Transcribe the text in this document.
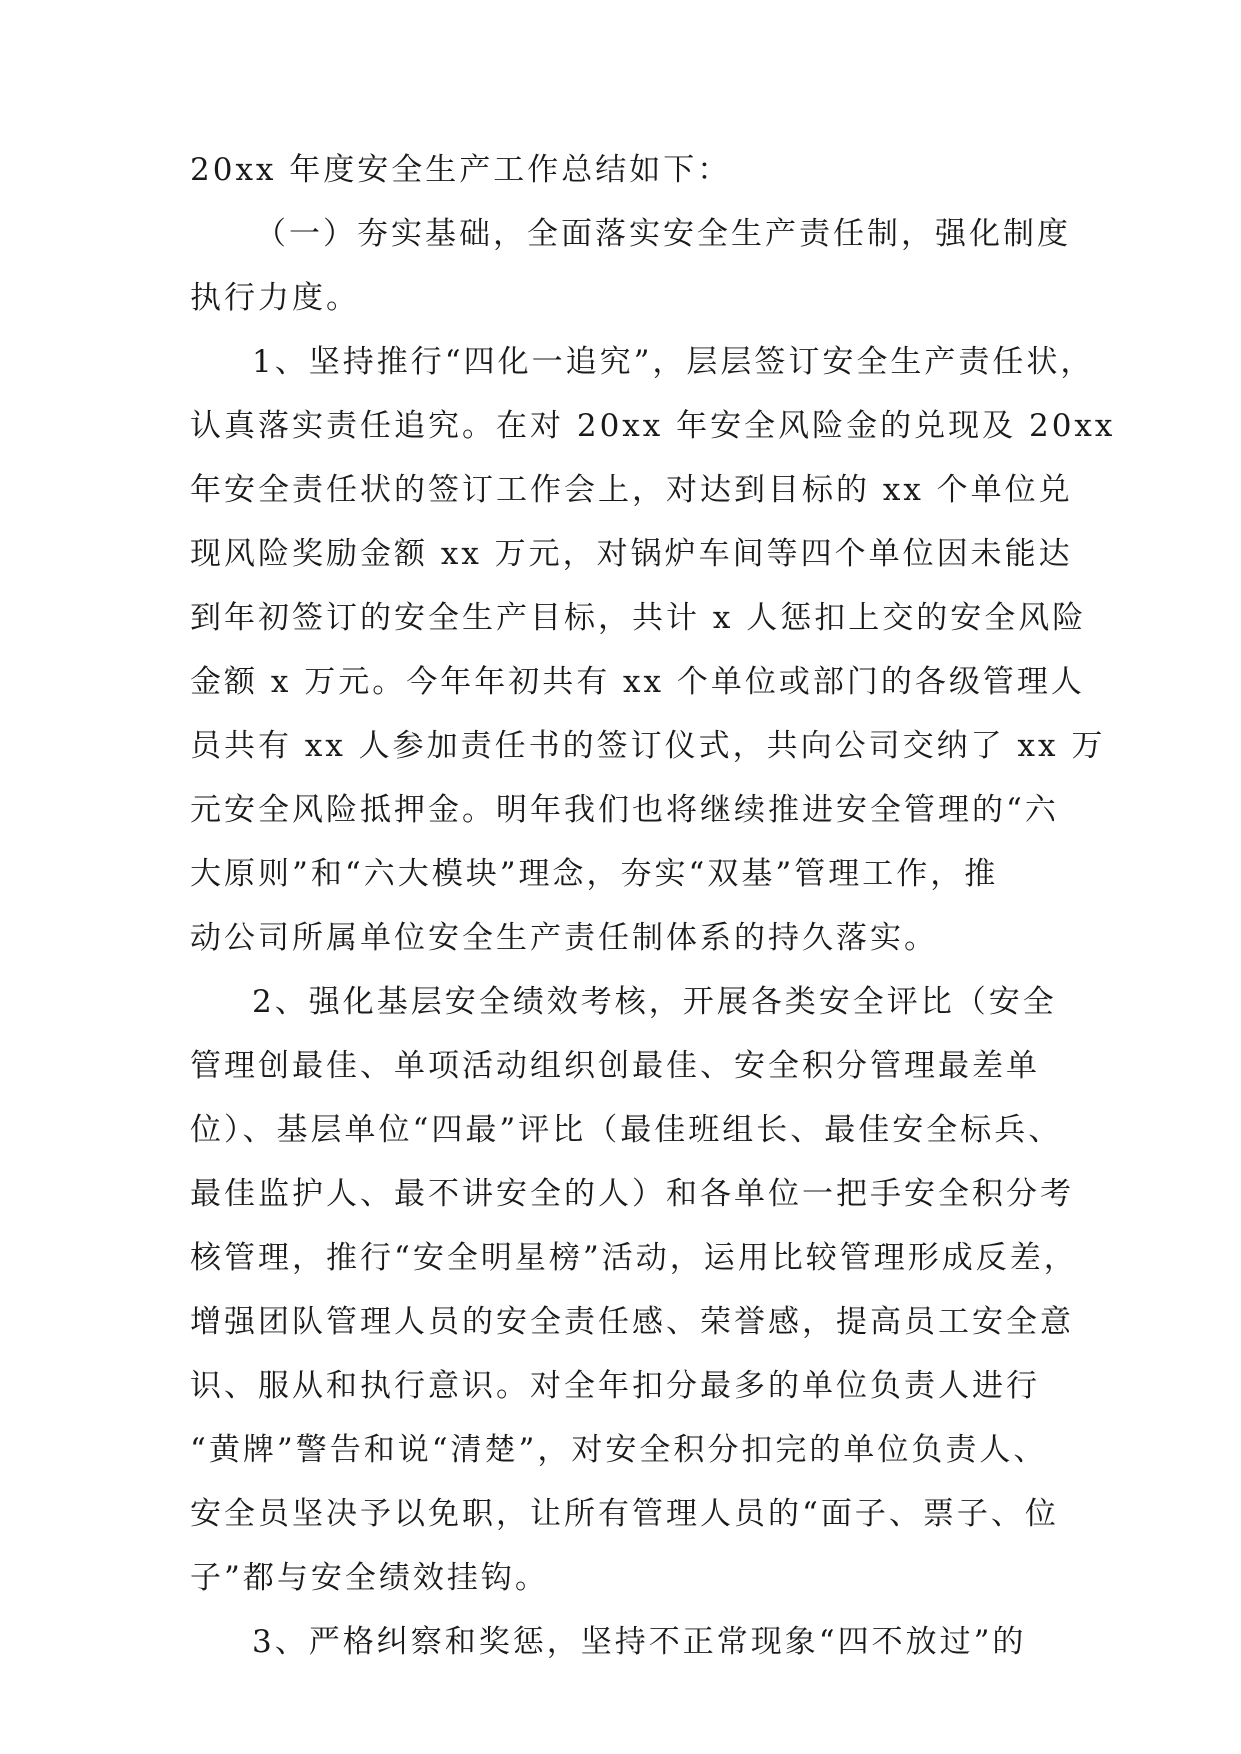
20xx 年度安全生产工作总结如下：
（一）夯实基础，全面落实安全生产责任制，强化制度
执行力度。
1、坚持推行“四化一追究”，层层签订安全生产责任状，
认真落实责任追究。在对 20xx 年安全风险金的兑现及 20xx
年安全责任状的签订工作会上，对达到目标的 xx 个单位兑
现风险奖励金额 xx 万元，对锅炉车间等四个单位因未能达
到年初签订的安全生产目标，共计 x 人惩扣上交的安全风险
金额 x 万元。今年年初共有 xx 个单位或部门的各级管理人
员共有 xx 人参加责任书的签订仪式，共向公司交纳了 xx 万
元安全风险抵押金。明年我们也将继续推进安全管理的“六
大原则”和“六大模块”理念，夯实“双基”管理工作，推
动公司所属单位安全生产责任制体系的持久落实。
2、强化基层安全绩效考核，开展各类安全评比（安全
管理创最佳、单项活动组织创最佳、安全积分管理最差单
位）、基层单位“四最”评比（最佳班组长、最佳安全标兵、
最佳监护人、最不讲安全的人）和各单位一把手安全积分考
核管理，推行“安全明星榜”活动，运用比较管理形成反差，
增强团队管理人员的安全责任感、荣誉感，提高员工安全意
识、服从和执行意识。对全年扣分最多的单位负责人进行
“黄牌”警告和说“清楚”，对安全积分扣完的单位负责人、
安全员坚决予以免职，让所有管理人员的“面子、票子、位
子”都与安全绩效挂钩。
3、严格纠察和奖惩，坚持不正常现象“四不放过”的
